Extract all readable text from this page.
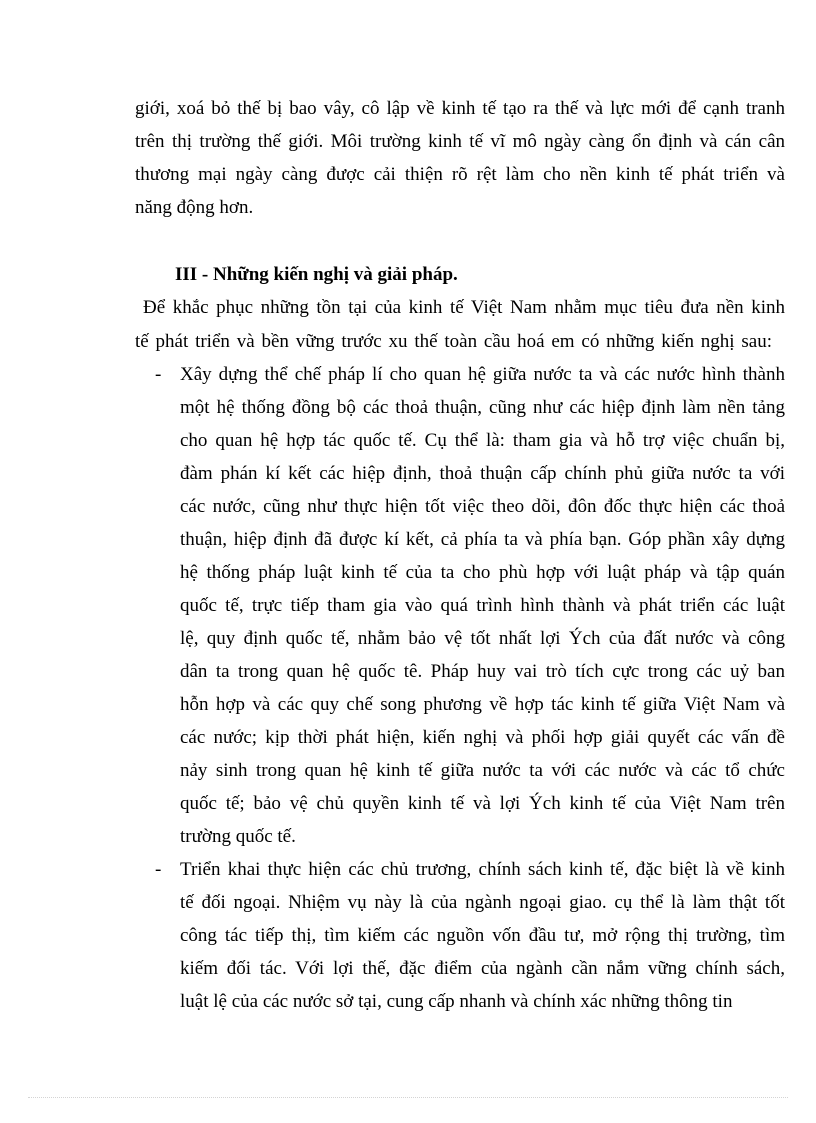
giới, xoá bỏ thế bị bao vây, cô lập về kinh tế tạo ra thế và lực mới để cạnh tranh

trên thị trường thế giới. Môi trường kinh tế vĩ mô ngày càng ổn định và cán cân

thương mại ngày càng được cải thiện rõ rệt làm cho nền kinh tế phát triển và

năng động hơn.

III - Những kiến nghị và giải pháp.

Để khắc phục những tồn tại của kinh tế Việt Nam nhằm mục tiêu đưa nền kinh

tế phát triển và bền vững trước xu thế toàn cầu hoá em có những kiến nghị sau:

- Xây dựng thể chế pháp lí cho quan hệ giữa nước ta và các nước hình thành

một hệ thống đồng bộ các thoả thuận, cũng như các hiệp định làm nền tảng

cho quan hệ hợp tác quốc tế. Cụ thể là: tham gia và hỗ trợ việc chuẩn bị,

đàm phán kí kết các hiệp định, thoả thuận cấp chính phủ giữa nước ta với

các nước, cũng như thực hiện tốt việc theo dõi, đôn đốc thực hiện các thoả

thuận, hiệp định đã được kí kết, cả phía ta và phía bạn. Góp phần xây dựng

hệ thống pháp luật kinh tế của ta cho phù hợp với luật pháp và tập quán

quốc tế, trực tiếp tham gia vào quá trình hình thành và phát triển các luật

lệ, quy định quốc tế, nhằm bảo vệ tốt nhất lợi Ých của đất nước và công

dân ta trong quan hệ quốc tê. Pháp huy vai trò tích cực trong các uỷ ban

hỗn hợp và các quy chế song phương về hợp tác kinh tế giữa Việt Nam và

các nước; kịp thời phát hiện, kiến nghị và phối hợp giải quyết các vấn đề

nảy sinh trong quan hệ kinh tế giữa nước ta với các nước và các tổ chức

quốc tế; bảo vệ chủ quyền kinh tế và lợi Ých kinh tế của Việt Nam trên

trường quốc tế.

- Triển khai thực hiện các chủ trương, chính sách kinh tế, đặc biệt là về kinh

tế đối ngoại. Nhiệm vụ này là của ngành ngoại giao. cụ thể là làm thật tốt

công tác tiếp thị, tìm kiếm các nguồn vốn đầu tư, mở rộng thị trường, tìm

kiếm đối tác. Với lợi thế, đặc điểm của ngành cần nắm vững chính sách,

luật lệ của các nước sở tại, cung cấp nhanh và chính xác những thông tin
